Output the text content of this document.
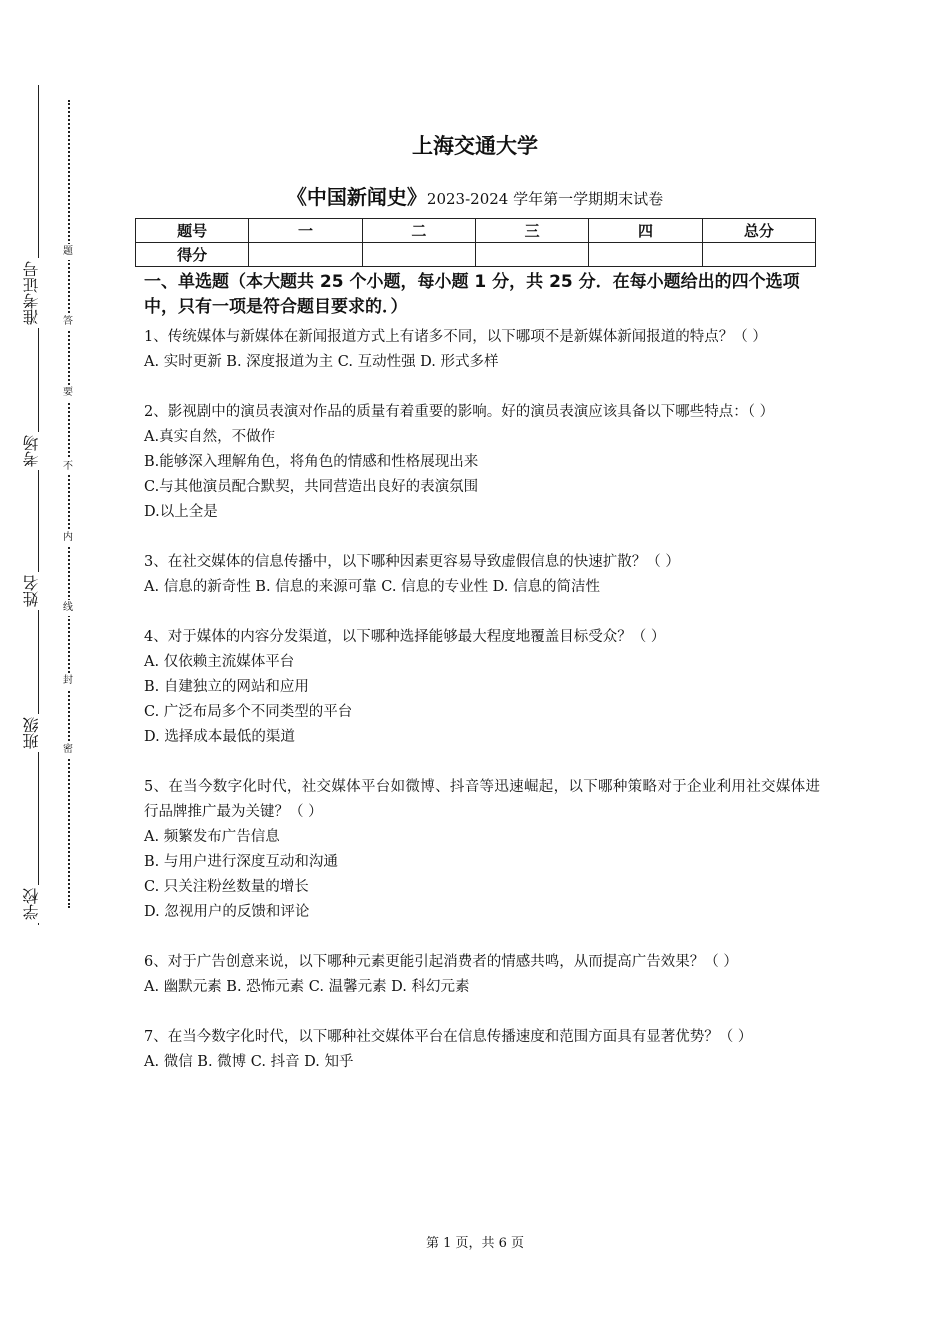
准考证号
考场
姓名
班级
学校
题
答
要
不
内
线
封
密
上海交通大学

《中国新闻史》2023-2024 学年第一学期期末试卷

题号	一	二	三	四	总分
得分					
一、单选题（本大题共 25 个小题，每小题 1 分，共 25 分．在每小题给出的四个选项中，只有一项是符合题目要求的．）

1、传统媒体与新媒体在新闻报道方式上有诸多不同，以下哪项不是新媒体新闻报道的特点？（ ）

A. 实时更新 B. 深度报道为主 C. 互动性强 D. 形式多样

2、影视剧中的演员表演对作品的质量有着重要的影响。好的演员表演应该具备以下哪些特点：（ ）

A.真实自然，不做作

B.能够深入理解角色，将角色的情感和性格展现出来

C.与其他演员配合默契，共同营造出良好的表演氛围

D.以上全是

3、在社交媒体的信息传播中，以下哪种因素更容易导致虚假信息的快速扩散？（ ）

A. 信息的新奇性 B. 信息的来源可靠 C. 信息的专业性 D. 信息的简洁性

4、对于媒体的内容分发渠道，以下哪种选择能够最大程度地覆盖目标受众？（ ）

A. 仅依赖主流媒体平台

B. 自建独立的网站和应用

C. 广泛布局多个不同类型的平台

D. 选择成本最低的渠道

5、在当今数字化时代，社交媒体平台如微博、抖音等迅速崛起，以下哪种策略对于企业利用社交媒体进行品牌推广最为关键？（ ）

A. 频繁发布广告信息

B. 与用户进行深度互动和沟通

C. 只关注粉丝数量的增长

D. 忽视用户的反馈和评论

6、对于广告创意来说，以下哪种元素更能引起消费者的情感共鸣，从而提高广告效果？（ ）

A. 幽默元素 B. 恐怖元素 C. 温馨元素 D. 科幻元素

7、在当今数字化时代，以下哪种社交媒体平台在信息传播速度和范围方面具有显著优势？（ ）

A. 微信 B. 微博 C. 抖音 D. 知乎

第 1 页，共 6 页
